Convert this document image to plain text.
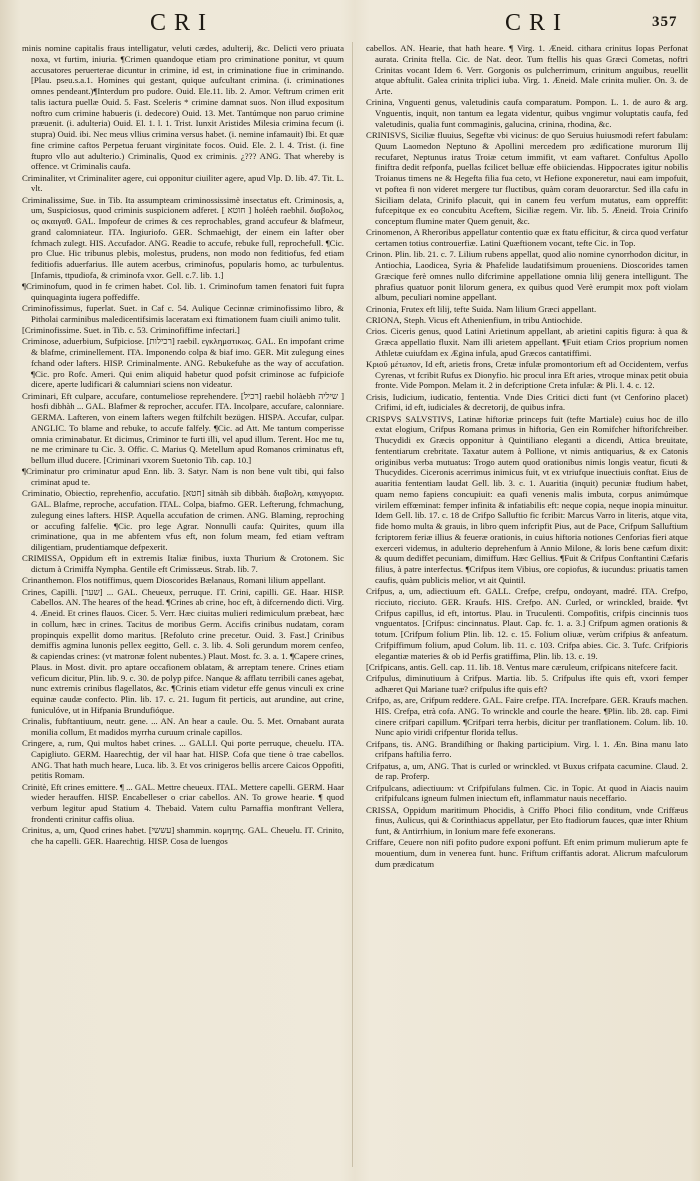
CRI	CRI	357

minis nomine capitalis fraus intelligatur, veluti cædes, adulterij, &c. Delicti vero priuata noxa, vt furtim, iniuria. ¶Crimen quandoque etiam pro criminatione ponitur, vt quum accusatores peruerterae dicuntur in crimine, id est, in criminatione fiue in criminando. [Plau. pseu.s.a.1. Homines qui gestant, quique aufcultant crimina. (i. criminationes omnes pendeant.)¶Interdum pro pudore. Ouid. Ele.11. lib. 2. Amor. Veftrum crimen erit talis iactura puellæ Ouid. 5. Fast. Sceleris * crimine damnat suos. Non illud expositum noftro cum crimine habueris (i. dedecore) Ouid. 13. Met. Tantúmque non paruo crimine præuenit. (i. adulteria) Ouid. El. 1. l. 1. Trist. Iunxit Aristides Milesia crimina fecum (i. stupra) Ouid. ibi. Nec meus vllius crimina versus habet. (i. nemine infamauit) Ibi. Et quæ fine crimine caftos Perpetua feruant virginitate focos. Ouid. Ele. 2. l. 4. Trist. (i. fine ftupro vllo aut adulterio.) Criminalis, Quod ex criminis. ¿??? ANG. That whereby is offence. vt Criminalis caufa.

Criminaliter, vt Criminaliter agere, cui opponitur ciuiliter agere, apud Vlp. D. lib. 47. Tit. L. vlt.

Criminalissime, Sue. in Tib. Ita assumpteam criminossissimè insectatus eft. Criminosis, a, um, Suspiciosus, quod criminis suspicionem adferet. [ חוטא ] holéeh raebhil. διαβολος, ος ακαιγαθ. GAL. Impofeur de crimes & ces reprochables, grand accufeur & blafmeur, grand calomniateur. ITA. Ingiuriofo. GER. Schmaehigt, der einem ein lafter ober fchmach zulegt. HIS. Accufador. ANG. Readie to accufe, rebuke full, reprochefull. ¶Cic. pro Clue. Hic tribunus plebis, molestus, prudens, non modo non feditiofus, fed etiam feditiofis aduerfarius. Ille autem acerbus, criminofus, popularis homo, ac turbulentus. [Infamis, ttpudiofa, & criminofa vxor. Gell. c.7. lib. 1.]

¶Criminofum, quod in fe crimen habet. Col. lib. 1. Criminofum tamen fenatori fuit fupra quinquaginta iugera poffediffe.

Criminofissimus, fuperlat. Suet. in Caf c. 54. Aulique Cecinnæ criminofissimo libro, & Pitholai carminibus maledicentifsimis laceratam exi ftimationem fuam ciuili animo tulit.

[Criminofissime. Suet. in Tib. c. 53. Criminofiffime infectari.]

Criminose, aduerbium, Sufpiciose. [רכילות] raebil. εγκληματικως. GAL. En impofant crime & blafme, criminellement. ITA. Imponendo colpa & biaf imo. GER. Mit zulegung eines fchand oder lafters. HISP. Criminalmente. ANG. Rebukefuhe as the way of accufation. ¶Cic. pro Rofc. Ameri. Qui enim aliquid habetur quod pofsit criminose ac fufpiciofe dicere, aperte ludificari & calumniari sciens non videatur.

Criminari, Eft culpare, accufare, contumeliose reprehendere. [רכיל] raebil holàebh שיליה ] hosfi dibhàh ... GAL. Blafmer & reprocher, accufer. ITA. Incolpare, accufare, calonniare. GERMA. Lafteren, von einem lafters wegen ftilfchilt bezügen. HISPA. Accufar, culpar. ANGLIC. To blame and rebuke, to accufe falfely. ¶Cic. ad Att. Me tantum comperisse omnia criminabatur. Et dicimus, Criminor te furti illi, vel apud illum. Terent. Hoc me tu, ne me criminare tu Cic. 3. Offic. C. Marius Q. Metellum apud Romanos criminatus eft, bellum illud ducere. [Criminari vxorem Suetonio Tib. cap. 10.]

¶Criminatur pro criminatur apud Enn. lib. 3. Satyr. Nam is non bene vult tibi, qui falso criminat apud te.

Criminatio, Obiectio, reprehenfio, accufatio. [חטא] sitnàh sib dibbàh. διαβολη, καιγγορια. GAL. Blafme, reproche, accufation. ITAL. Colpa, biafmo. GER. Lefterung, fchmachung, zulegung eines lafters. HISP. Aquella accufation de crimen. ANG. Blaming, reproching or accufing falfelie. ¶Cic. pro lege Agrar. Nonnulli caufa: Quirites, quum illa criminatione, qua in me abfentem vfus eft, non folum meam, fed etiam veftram diligentiam, prudentiamque defpexerit.

CRIMISSA, Oppidum eft in extremis Italiæ finibus, iuxta Thurium & Crotonem. Sic dictum à Crimiffa Nympha. Gentile eft Crimissæus. Strab. lib. 7.

Crinanthemon. Flos notiffimus, quem Dioscorides Bælanaus, Romani lilium appellant.

Crines, Capilli. [שער] ... GAL. Cheueux, perruque. IT. Crini, capilli. GE. Haar. HISP. Cabellos. AN. The heares of the head. ¶Crines ab crine, hoc eft, à difcernendo dicti. Virg. 4. Æneid. Et crines flauos. Cicer. 5. Verr. Hæc ciuitas mulieri redimiculum præbeat, hæc in collum, hæc in crines. Tacitus de moribus Germ. Accifis crinibus nudatam, coram propinquis expellit domo maritus. [Refoluto crine precetur. Ouid. 3. Fast.] Crinibus demiffis agmina lunonis pellex eegitto, Gell. c. 3. lib. 4. Soli gerundum morem cenfeo, & capiendas crines: (vt matronæ folent nubentes.) Plaut. Most. fc. 3. a. 1. ¶Capere crines, Plaus. in Most. divit. pro aptare occafionem oblatam, & arreptam tenere. Crines etiam veficum dicitur, Plin. lib. 9. c. 30. de polyp pifce. Nanque & afflatu terribili canes agebat, nunc extremis crinibus flagellatos, &c. ¶Crinis etiam videtur effe genus vinculi ex crine equinæ caudæ confecto. Plin. lib. 17. c. 21. Iugum fit perticis, aut arundine, aut crine, funiculóve, ut in Hifpania Brundufióque.

Crinalis, fubftantiuum, neutr. gene. ... AN. An hear a caule. Ou. 5. Met. Ornabant aurata monilia collum, Et madidos myrrha curuum crinale capillos.

Cringere, a, rum, Qui multos habet crines. ... GALLI. Qui porte perruque, cheuelu. ITA. Capigliuto. GERM. Haarechtig, der vil haar hat. HISP. Cofa que tiene ò trae cabellos. ANG. That hath much heare, Luca. lib. 3. Et vos crinigeros bellis arcere Caicos Oppofiti, petitis Romam.

Crinitè, Eft crines emittere. ¶ ... GAL. Mettre cheueux. ITAL. Mettere capelli. GERM. Haar wieder herauffen. HISP. Encabelleser o criar cabellos. AN. To growe hearie. ¶ quod verbum legitur apud Statium 4. Thebaid. Vatem cultu Parnaffia monftrant Vellera, frondenti crinitur caffis oliua.

Crinitus, a, um, Quod crines habet. [עששי] shammin. κομητης. GAL. Cheuelu. IT. Crinito, che ha capelli. GER. Haarechtig. HISP. Cosa de luengos

cabellos. AN. Hearie, that hath heare. ¶ Virg. 1. Æneid. cithara crinitus Iopas Perfonat aurata. Crinita ftella. Cic. de Nat. deor. Tum ftellis his quas Græci Cometas, noftri Crinitas vocant Idem 6. Verr. Gorgonis os pulcherrimum, crinitum anguibus, reuellit atque abftulit. Galea crinita triplici iuba. Virg. 1. Æneid. Male crinita mulier. On. 3. de Arte.

Crinina, Vnguenti genus, valetudinis caufa comparatum. Pompon. L. 1. de auro & arg. Vnguentis, inquit, non tantum ea legata videntur, quibus vngimur voluptatis caufa, fed valetudinis, qualia funt commaginis, galucina, crinina, rhodina, &c.

CRINISVS, Siciliæ fluuius, Segeftæ vbi vicinus: de quo Seruius huiusmodi refert fabulam: Quum Laomedon Neptuno & Apollini mercedem pro ædificatione murorum Ilij recufaret, Neptunus iratus Troiæ cetum immifit, vt eam vaftaret. Confultus Apollo finiftra dedit refponfa, puellas fcilicet belluæ effe obiiciendas. Hippocrates igitur nobilis Troianus timens ne & Hegefta filia fua ceto, vt Hefione exponeretur, naui eam impofuit, vt poftea fi non videret mergere tur fluctibus, quàm coram deuorarctur. Sed illa cafu in Siciliam delata, Crinifo placuit, qui in canem feu verfum mutatus, eam oppreffit: fufcepitque ex eo concubitu Aceftem, Siciliæ regem. Vir. lib. 5. Æneid. Troia Crinifo conceptum flumine mater Quem genuit, &c.

Crinomenon, A Rheroribus appellatur contentio quæ ex ftatu efficitur, & circa quod verfatur certamen totius controuerfiæ. Latini Quæftionem vocant, tefte Cic. in Top.

Crinon. Plin. lib. 21. c. 7. Lilium rubens appellat, quod alio nomine cynorrhodon dicitur, in Antiochia, Laodicea, Syria & Phafelide laudatifsimum proueniens. Dioscorides tamen Græcique ferè omnes nullo difcrimine appellatione omnia lilij genera intelligunt. The phrafius quatuor ponit lilorum genera, ex quibus quod Verè erumpit mox poft violam album, peculiari nomine appellant.

Crinonia, Frutex eft lilij, tefte Suida. Nam lilium Græci appellant.

CRIONA, Steph. Vicus eft Athenienfium, in tribu Antiochide.

Crios. Ciceris genus, quod Latini Arietinum appellant, ab arietini capitis figura: à qua & Græca appellatio fluxit. Nam illi arietem appellant. ¶Fuit etiam Crios proprium nomen Athletæ cuiufdam ex Ægina infula, apud Græcos cantatiffimi.

Κριοῦ μέτωπον, Id eft, arietis frons, Cretæ infulæ promontorium eft ad Occidentem, verfus Cyrenas, vt fcribit Rufus ex Dionyfio. hic procul inra Eft aries, vtroque minax petit obuia fronte. Vide Pompon. Melam it. 2 in defcriptione Creta infulæ: & Pli. l. 4. c. 12.

Crisis, Iudicium, iudicatio, fententia. Vnde Dies Critici dicti funt (vt Cenforino placet) Crifimi, id eft, iudiciales & decretorij, de quibus infra.

CRISPVS SALVSTIVS, Latinæ hiftoriæ princeps fuit (tefte Martiale) cuius hoc de illo extat elogium, Crifpus Romana primus in hiftoria, Gen ein Romifcher hiftorifchreiber. Thucydidi ex Græcis opponitur à Quintiliano eleganti a dicendi, Attica breuitate, fententiarum crebritate. Taxatur autem à Pollione, vt nimis antiquarius, & ex Catonis originibus verba mutuatus: Trogo autem quod orationibus nimis longis veatur, ficuti & Thucydides. Ciceronis acerrimus inimicus fuit, vt ex vtriufque inuectiuis conftat. Eius de auaritia fententiam laudat Gell. lib. 3. c. 1. Auaritia (inquit) pecuniæ ftudium habet, quam nemo fapiens concupiuit: ea quafi venenis malis imbuta, corpus animúmque virilem effœminat: femper infinita & infatiabilis eft: neque copia, neque inopia minuitur. Idem Gell. lib. 17. c. 18 de Crifpo Salluftio fic fcribit: Marcus Varro in literis, atque vita, fide homo multa & grauis, in libro quem infcripfit Pius, aut de Pace, Crifpum Salluftium fcriptorem feriæ illius & feueræ orationis, in cuius hiftoria notiones Cenforias fieri atque exerceri videmus, in adulterio deprehenfum à Annio Milone, & loris bene cæfum dixit: & quum dediffet pecuniam, dimiffum. Hæc Gellius. ¶Fuit & Crifpus Conftantini Cæfaris filius, à patre interfectus. ¶Crifpus item Vibius, ore copiofus, & iucundus: priuatis tamen caufis, quàm publicis melior, vt ait Quintil.

Crifpus, a, um, adiectiuum eft. GALL. Crefpe, crefpu, ondoyant, madré. ITA. Crefpo, ricciuto, ricciuto. GER. Kraufs. HIS. Crefpo. AN. Curled, or wrinckled, braide. ¶vt Crifpus capillus, id eft, intortus. Plau. in Truculenti. Compofitis, crifpis cincinnis tuos vnguentatos. [Crifpus: cincinnatus. Plaut. Cap. fc. 1. a. 3.] Crifpum agmen orationis & totum. [Crifpum folium Plin. lib. 12. c. 15. Folium oliuæ, verùm crifpius & anfeatum. Crifpiffimum folium, apud Colum. lib. 11. c. 103. Crifpa abies. Cic. 3. Tufc. Crifpioris elegantiæ materies & ob id Perfis gratiffima, Plin. lib. 13. c. 19.

[Crifpicans, antis. Gell. cap. 11. lib. 18. Ventus mare cæruleum, crifpicans nitefcere facit.

Crifpulus, diminutiuum à Crifpus. Martia. lib. 5. Crifpulus ifte quis eft, vxori femper adhæret Qui Mariane tuæ? crifpulus ifte quis eft?

Crifpo, as, are, Crifpum reddere. GAL. Faire crefpe. ITA. Increfpare. GER. Kraufs machen. HIS. Crefpa, etrà cofa. ANG. To wrinckle and courle the heare. ¶Plin. lib. 28. cap. Fimi cinere crifpari capillum. ¶Crifpari terra herbis, dicitur per tranflationem. Colum. lib. 10. Nunc apio viridi crifpentur florida tellus.

Crifpans, tis. ANG. Brandiſhing or ſhaking participium. Virg. l. 1. Æn. Bina manu lato crifpans haftilia ferro.

Crifpatus, a, um, ANG. That is curled or wrinckled. vt Buxus crifpata cacumine. Claud. 2. de rap. Proferp.

Crifpulcans, adiectiuum: vt Crifpifulans fulmen. Cic. in Topic. At quod in Aiacis nauim crifpifulcans igneum fulmen iniectum eft, inflammatur nauis neceffario.

CRISSA, Oppidum maritimum Phocidis, à Criffo Phoci filio conditum, vnde Criffæus finus, Aulicus, qui & Corinthiacus appellatur, per Eto ftadiorum fauces, quæ inter Rhium funt, & Antirrhium, in Ionium mare fefe exonerans.

Criffare, Ceuere non nifi pofito pudore exponi poffunt. Eft enim primum mulierum apte fe mouentium, dum in venerea funt. hunc. Friftum criffantis adorat. Alicrum mafculorum dum prædicatum
